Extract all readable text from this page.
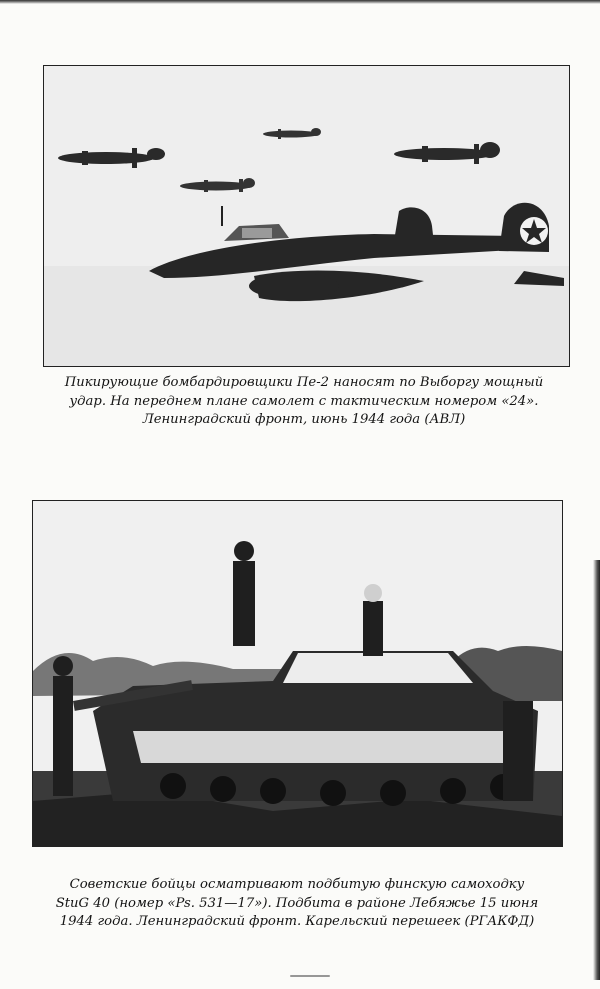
Пикирующие бомбардировщики Пе-2 наносят по Выборгу мощный
удар. На переднем плане самолет с тактическим номером «24».
Ленинградский фронт, июнь 1944 года (АВЛ)
Советские бойцы осматривают подбитую финскую самоходку
StuG 40 (номер «Ps. 531—17»). Подбита в районе Лебяжье 15 июня
1944 года. Ленинградский фронт. Карельский перешеек (РГАКФД)
